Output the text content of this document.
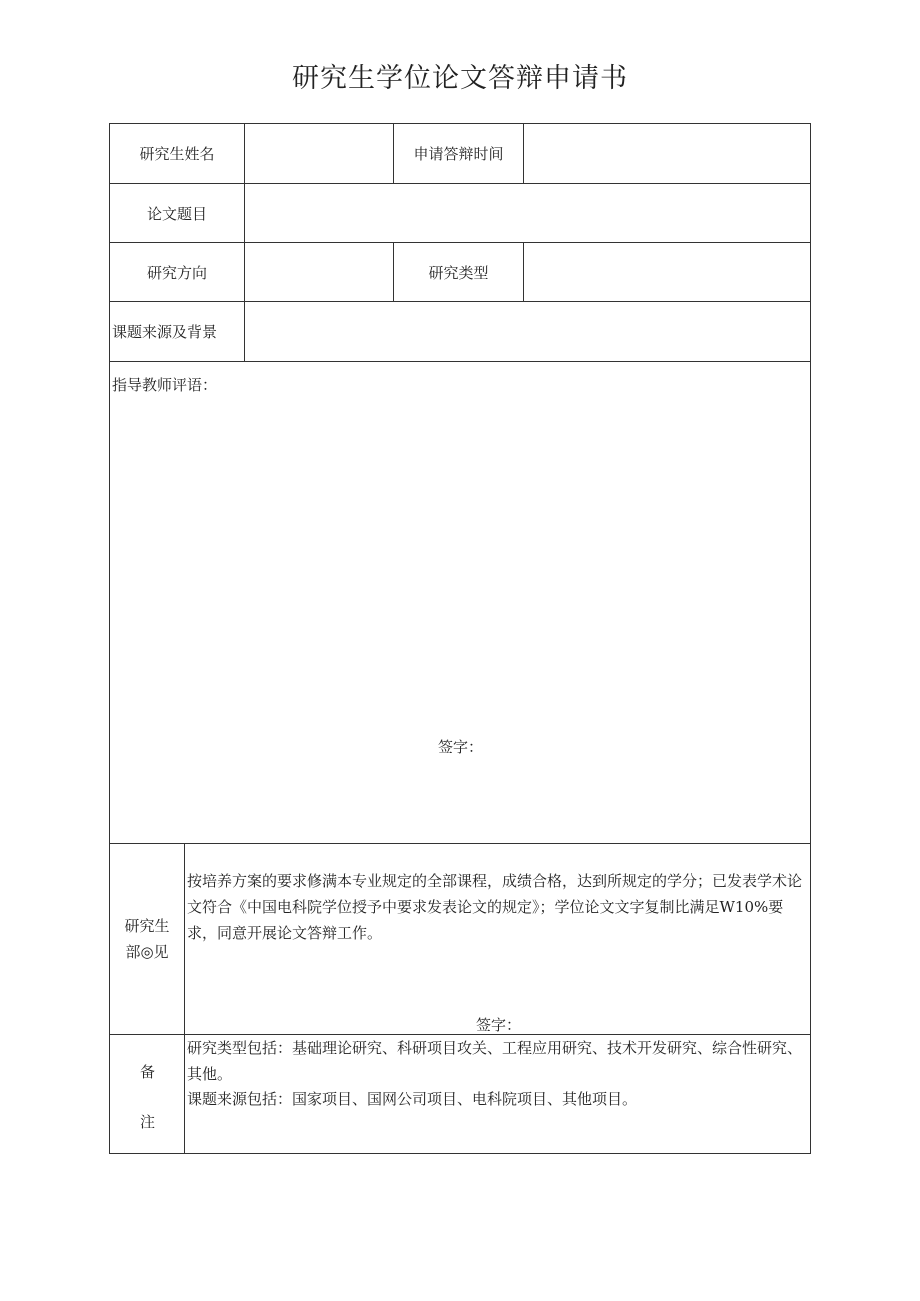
研究生学位论文答辩申请书
研究生姓名	申请答辩时间
论文题目
研究方向	研究类型
课题来源及背景
指导教师评语：
签字：
研究生
部◎见
按培养方案的要求修满本专业规定的全部课程，成绩合格，达到所规定的学分；已发表学术论文符合《中国电科院学位授予中要求发表论文的规定》；学位论文文字复制比满足W10%要求，同意开展论文答辩工作。
签字：
备
注
研究类型包括：基础理论研究、科研项目攻关、工程应用研究、技术开发研究、综合性研究、其他。
课题来源包括：国家项目、国网公司项目、电科院项目、其他项目。
